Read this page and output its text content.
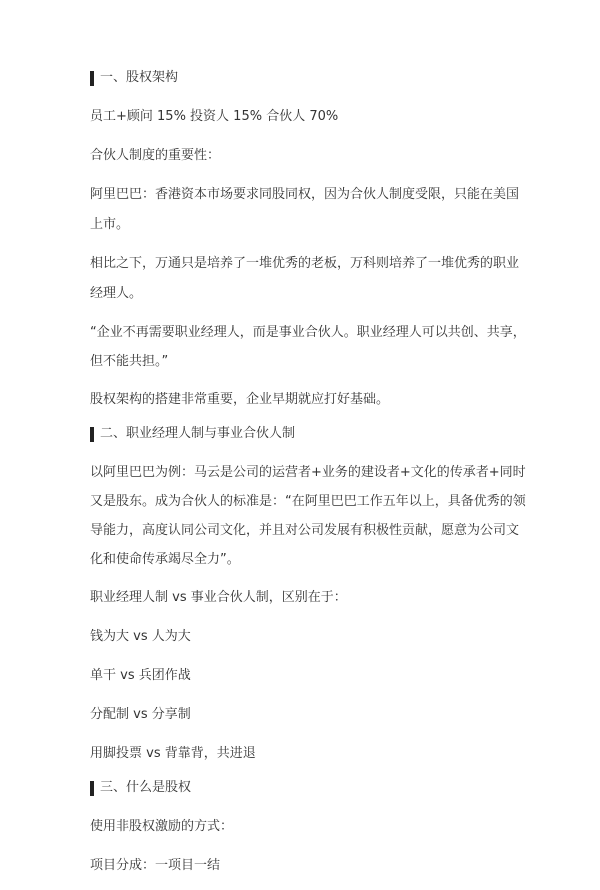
一、股权架构
员工+顾问 15% 投资人 15% 合伙人 70%
合伙人制度的重要性：
阿里巴巴：香港资本市场要求同股同权，因为合伙人制度受限，只能在美国上市。
相比之下，万通只是培养了一堆优秀的老板，万科则培养了一堆优秀的职业经理人。
“企业不再需要职业经理人，而是事业合伙人。职业经理人可以共创、共享，但不能共担。”
股权架构的搭建非常重要，企业早期就应打好基础。
二、职业经理人制与事业合伙人制
以阿里巴巴为例：马云是公司的运营者+业务的建设者+文化的传承者+同时又是股东。成为合伙人的标准是：“在阿里巴巴工作五年以上，具备优秀的领导能力，高度认同公司文化，并且对公司发展有积极性贡献，愿意为公司文化和使命传承竭尽全力”。
职业经理人制 vs 事业合伙人制，区别在于：
钱为大 vs 人为大
单干 vs 兵团作战
分配制 vs 分享制
用脚投票 vs 背靠背，共进退
三、什么是股权
使用非股权激励的方式：
项目分成：一项目一结
